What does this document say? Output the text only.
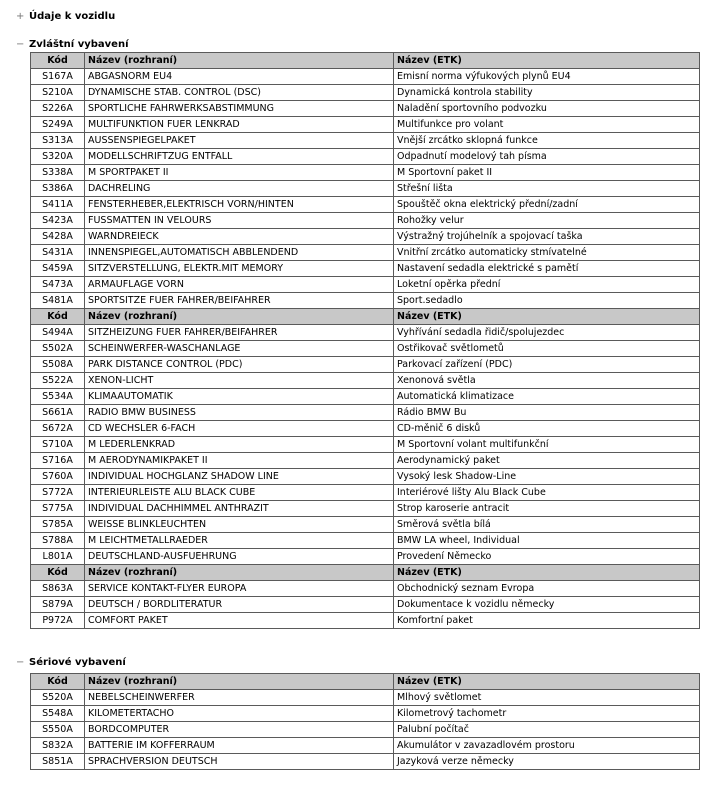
+ Údaje k vozidlu
− Zvláštní vybavení
Kód	Název (rozhraní)	Název (ETK)
S167A	ABGASNORM EU4	Emisní norma výfukových plynů EU4
S210A	DYNAMISCHE STAB. CONTROL (DSC)	Dynamická kontrola stability
S226A	SPORTLICHE FAHRWERKSABSTIMMUNG	Naladění sportovního podvozku
S249A	MULTIFUNKTION FUER LENKRAD	Multifunkce pro volant
S313A	AUSSENSPIEGELPAKET	Vnější zrcátko sklopná funkce
S320A	MODELLSCHRIFTZUG ENTFALL	Odpadnutí modelový tah písma
S338A	M SPORTPAKET II	M Sportovní paket II
S386A	DACHRELING	Střešní lišta
S411A	FENSTERHEBER,ELEKTRISCH VORN/HINTEN	Spouštěč okna elektrický přední/zadní
S423A	FUSSMATTEN IN VELOURS	Rohožky velur
S428A	WARNDREIECK	Výstražný trojúhelník a spojovací taška
S431A	INNENSPIEGEL,AUTOMATISCH ABBLENDEND	Vnitřní zrcátko automaticky stmívatelné
S459A	SITZVERSTELLUNG, ELEKTR.MIT MEMORY	Nastavení sedadla elektrické s pamětí
S473A	ARMAUFLAGE VORN	Loketní opěrka přední
S481A	SPORTSITZE FUER FAHRER/BEIFAHRER	Sport.sedadlo
Kód	Název (rozhraní)	Název (ETK)
S494A	SITZHEIZUNG FUER FAHRER/BEIFAHRER	Vyhřívání sedadla řidič/spolujezdec
S502A	SCHEINWERFER-WASCHANLAGE	Ostřikovač světlometů
S508A	PARK DISTANCE CONTROL (PDC)	Parkovací zařízení (PDC)
S522A	XENON-LICHT	Xenonová světla
S534A	KLIMAAUTOMATIK	Automatická klimatizace
S661A	RADIO BMW BUSINESS	Rádio BMW Bu
S672A	CD WECHSLER 6-FACH	CD-měnič 6 disků
S710A	M LEDERLENKRAD	M Sportovní volant multifunkční
S716A	M AERODYNAMIKPAKET II	Aerodynamický paket
S760A	INDIVIDUAL HOCHGLANZ SHADOW LINE	Vysoký lesk Shadow-Line
S772A	INTERIEURLEISTE ALU BLACK CUBE	Interiérové lišty Alu Black Cube
S775A	INDIVIDUAL DACHHIMMEL ANTHRAZIT	Strop karoserie antracit
S785A	WEISSE BLINKLEUCHTEN	Směrová světla bílá
S788A	M LEICHTMETALLRAEDER	BMW LA wheel, Individual
L801A	DEUTSCHLAND-AUSFUEHRUNG	Provedení Německo
Kód	Název (rozhraní)	Název (ETK)
S863A	SERVICE KONTAKT-FLYER EUROPA	Obchodnický seznam Evropa
S879A	DEUTSCH / BORDLITERATUR	Dokumentace k vozidlu německy
P972A	COMFORT PAKET	Komfortní paket
− Sériové vybavení
Kód	Název (rozhraní)	Název (ETK)
S520A	NEBELSCHEINWERFER	Mlhový světlomet
S548A	KILOMETERTACHO	Kilometrový tachometr
S550A	BORDCOMPUTER	Palubní počítač
S832A	BATTERIE IM KOFFERRAUM	Akumulátor v zavazadlovém prostoru
S851A	SPRACHVERSION DEUTSCH	Jazyková verze německy
